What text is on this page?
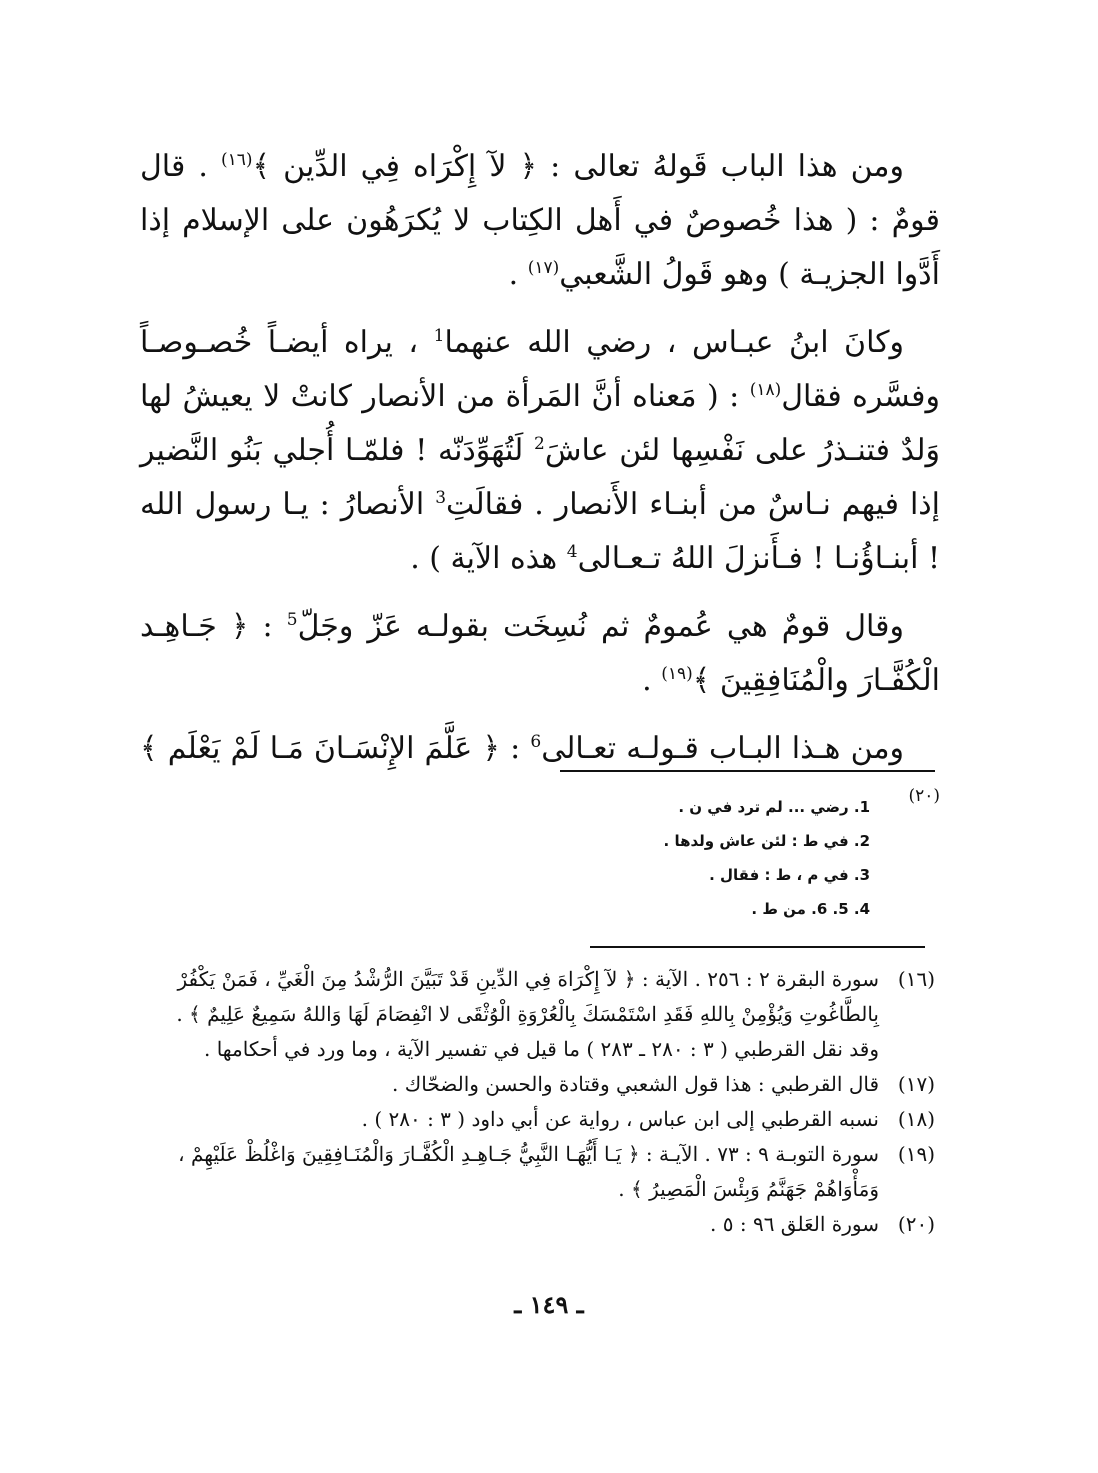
ومن هذا الباب قَولهُ تعالى : ﴿ لآ إِكْرَاه فِي الدِّين ﴾$^{(١٦)}$ . قال قومٌ : ( هذا خُصوصٌ في أَهل الكِتاب لا يُكرَهُون على الإسلام إذا أَدَّوا الجزيـة ) وهو قَولُ الشَّعبي$^{(١٧)}$ .

وكانَ ابنُ عبـاس ، رضي الله عنهما$^1$ ، يراه أيضـاً خُصـوصـاً وفسَّره فقال$^{(١٨)}$ : ( مَعناه أنَّ المَرأة من الأنصار كانتْ لا يعيشُ لها وَلدٌ فتنـذرُ على نَفْسِها لئن عاشَ$^2$ لَتُهَوِّدَنّه ! فلمّـا أُجلي بَنُو النَّضير إذا فيهم نـاسٌ من أبنـاء الأَنصار . فقالَتِ$^3$ الأنصارُ : يـا رسول الله ! أبنـاؤُنـا ! فـأَنزلَ اللهُ تـعـالى$^4$ هذه الآية ) .

وقال قومٌ هي عُمومٌ ثم نُسِخَت بقولـه عَزّ وجَلّ$^5$ : ﴿ جَـاهِـد الْكُفَّـارَ والْمُنَافِقِينَ ﴾$^{(١٩)}$ .

ومن هـذا البـاب قـولـه تعـالى$^6$ : ﴿ عَلَّمَ الإِنْسَـانَ مَـا لَمْ يَعْلَم ﴾$^{(٢٠)}$

1. رضي ... لم ترد في ن .
2. في ط : لئن عاش ولدها .
3. في م ، ط : فقال .
4. 5. 6. من ط .
(١٦)
سورة البقرة ٢ : ٢٥٦ . الآية : ﴿ لآ إِكْرَاهَ فِي الدِّينِ قَدْ تَبَيَّنَ الرُّشْدُ مِنَ الْغَيِّ ، فَمَنْ يَكْفُرْ
بِالطَّاغُوتِ وَيُؤْمِنْ بِاللهِ فَقَدِ اسْتَمْسَكَ بِالْعُرْوَةِ الْوُثْقَى لا انْفِصَامَ لَهَا وَاللهُ سَمِيعٌ عَلِيمٌ ﴾ .
وقد نقل القرطبي ( ٣ : ٢٨٠ ـ ٢٨٣ ) ما قيل في تفسير الآية ، وما ورد في أحكامها .
(١٧)
قال القرطبي : هذا قول الشعبي وقتادة والحسن والضحّاك .
(١٨)
نسبه القرطبي إلى ابن عباس ، رواية عن أبي داود ( ٣ : ٢٨٠ ) .
(١٩)
سورة التوبـة ٩ : ٧٣ . الآيـة : ﴿ يَـا أَيُّهَـا النَّبِيُّ جَـاهِـدِ الْكُفَّـارَ وَالْمُنَـافِقِينَ وَاغْلُظْ عَلَيْهِمْ ،
وَمَأْوَاهُمْ جَهَنَّمُ وَبِئْسَ الْمَصِيرُ ﴾ .
(٢٠)
سورة العَلق ٩٦ : ٥ .
ـ ١٤٩ ـ
